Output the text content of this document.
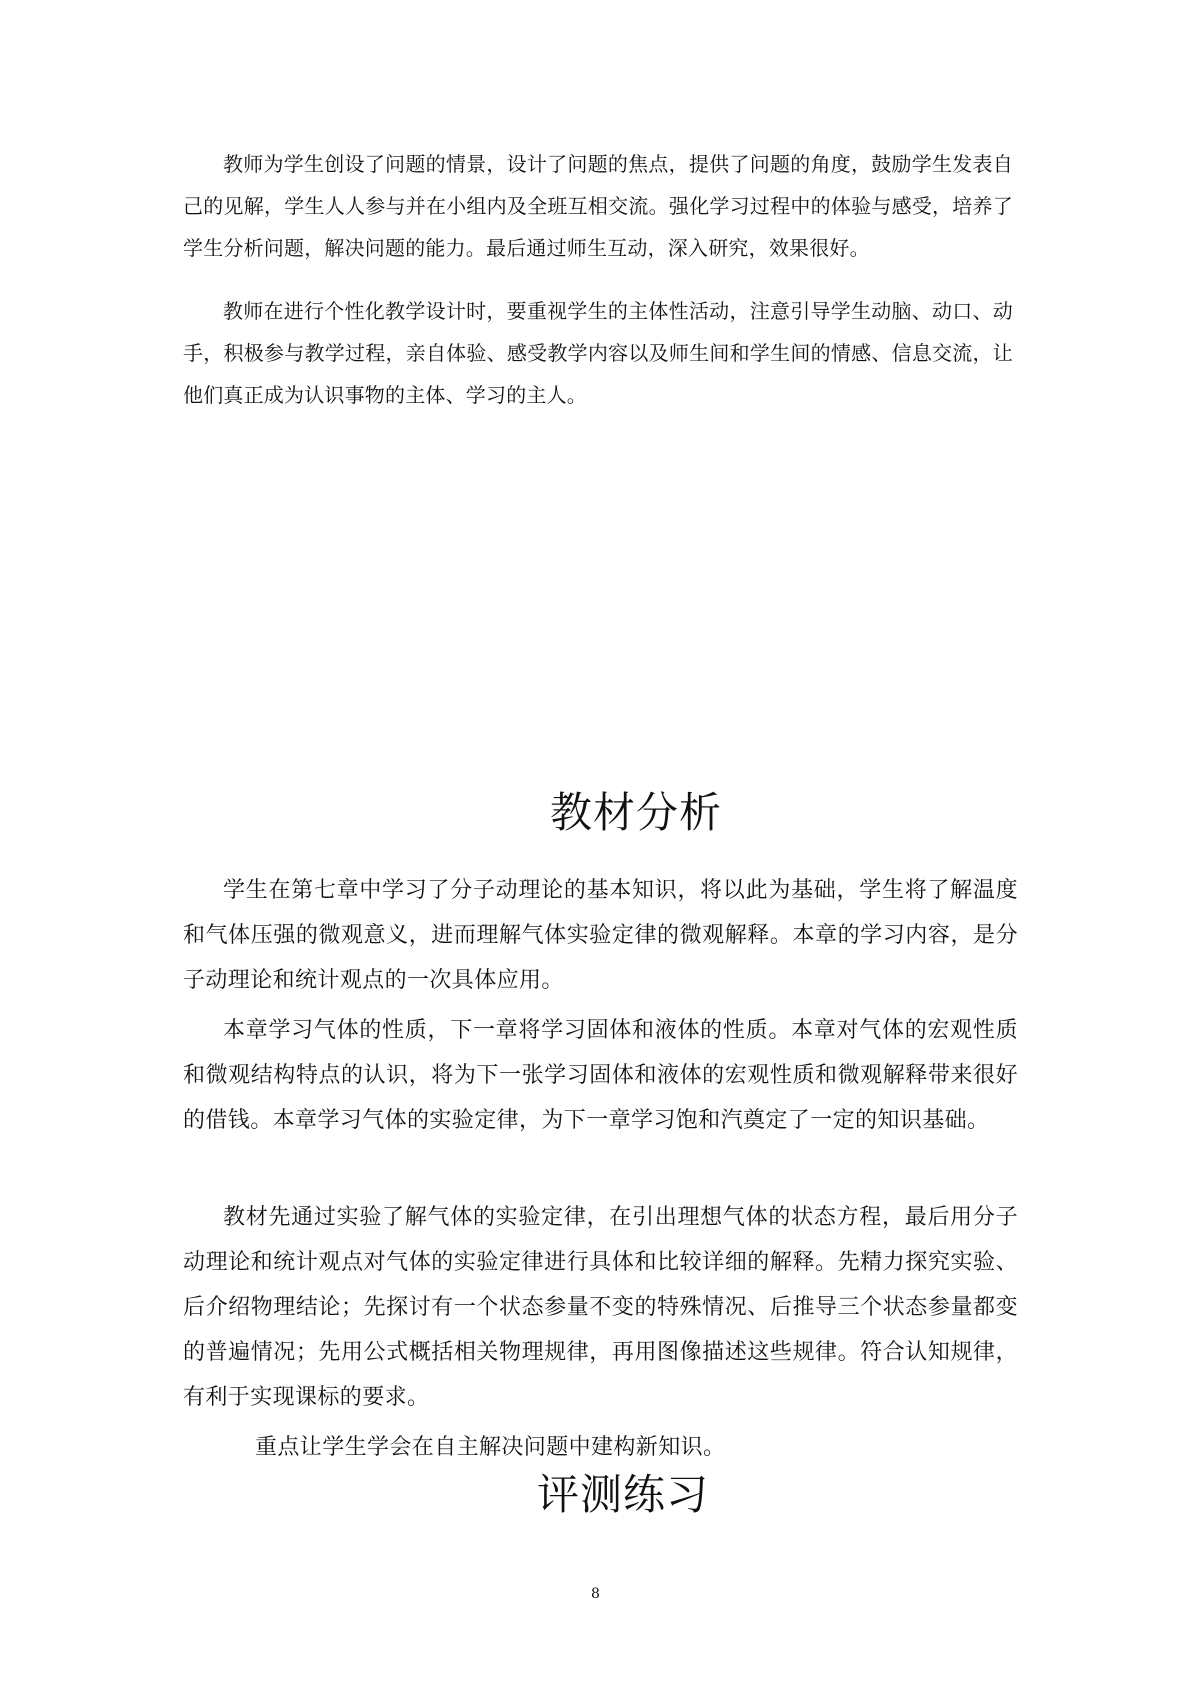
教师为学生创设了问题的情景，设计了问题的焦点，提供了问题的角度，鼓励学生发表自己的见解，学生人人参与并在小组内及全班互相交流。强化学习过程中的体验与感受，培养了学生分析问题，解决问题的能力。最后通过师生互动，深入研究，效果很好。

教师在进行个性化教学设计时，要重视学生的主体性活动，注意引导学生动脑、动口、动手，积极参与教学过程，亲自体验、感受教学内容以及师生间和学生间的情感、信息交流，让他们真正成为认识事物的主体、学习的主人。

教材分析

学生在第七章中学习了分子动理论的基本知识，将以此为基础，学生将了解温度和气体压强的微观意义，进而理解气体实验定律的微观解释。本章的学习内容，是分子动理论和统计观点的一次具体应用。

本章学习气体的性质，下一章将学习固体和液体的性质。本章对气体的宏观性质和微观结构特点的认识，将为下一张学习固体和液体的宏观性质和微观解释带来很好的借钱。本章学习气体的实验定律，为下一章学习饱和汽奠定了一定的知识基础。

教材先通过实验了解气体的实验定律，在引出理想气体的状态方程，最后用分子动理论和统计观点对气体的实验定律进行具体和比较详细的解释。先精力探究实验、后介绍物理结论；先探讨有一个状态参量不变的特殊情况、后推导三个状态参量都变的普遍情况；先用公式概括相关物理规律，再用图像描述这些规律。符合认知规律，有利于实现课标的要求。

重点让学生学会在自主解决问题中建构新知识。

评测练习
8
